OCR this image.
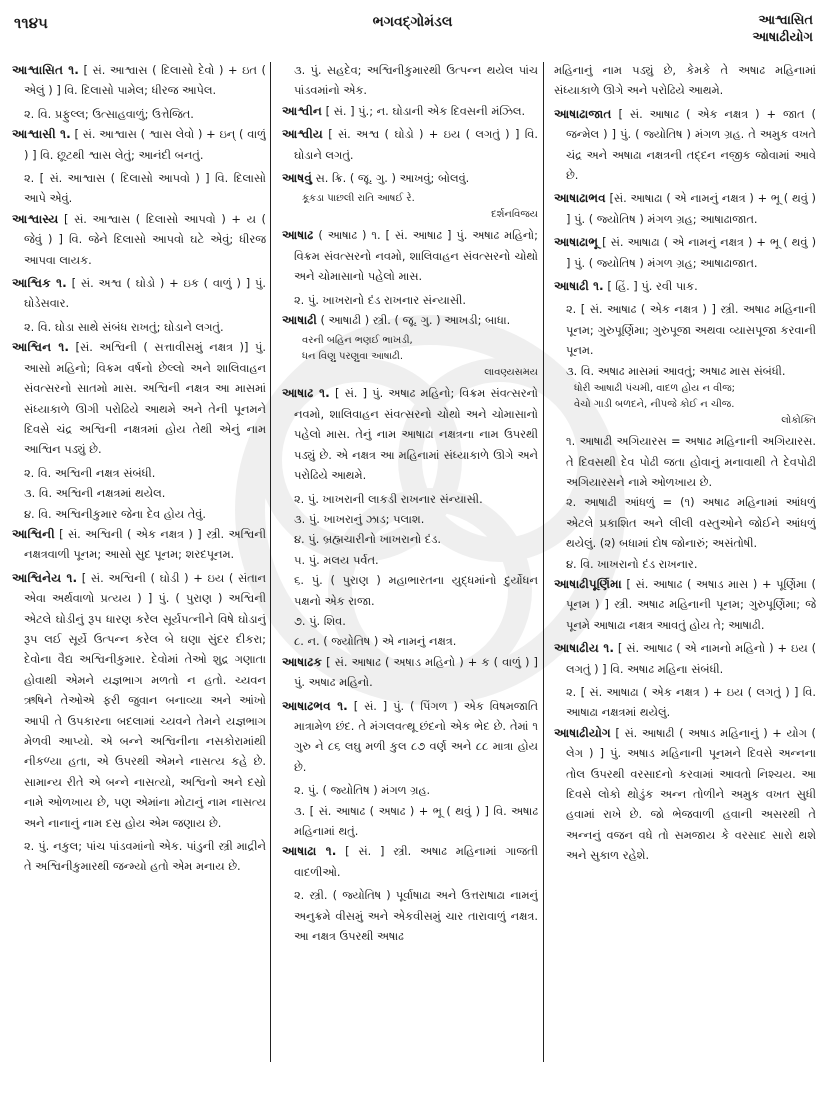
૧૧૪૫	ભગવદ્ગોમંડલ	આશ્વાસિત
આષાઢીયોગ

આશ્વાસિત ૧. [ સં. આશ્વાસ ( દિલાસો દેવો ) + ઇત ( એલું ) ] વિ. દિલાસો પામેલ; ધીરજ આપેલ.

૨. વિ. પ્રફુલ્લ; ઉત્સાહવાળું; ઉત્તેજિત.

આશ્વાસી ૧. [ સં. આશ્વાસ ( શ્વાસ લેવો ) + ઇન્ ( વાળું ) ] વિ. છૂટથી શ્વાસ લેતું; આનંદી બનતું.

૨. [ સં. આશ્વાસ ( દિલાસો આપવો ) ] વિ. દિલાસો આપે એવું.

આશ્વાસ્ય [ સં. આશ્વાસ ( દિલાસો આપવો ) + ય ( જેવું ) ] વિ. જેને દિલાસો આપવો ઘટે એવું; ધીરજ આપવા લાયક.

આશ્વિક ૧. [ સં. અશ્વ ( ઘોડો ) + ઇક ( વાળું ) ] પું. ઘોડેસવાર.

૨. વિ. ઘોડા સાથે સંબંધ રાખતું; ઘોડાને લગતું.

આશ્વિન ૧. [સં. અશ્વિની ( સત્તાવીસમું નક્ષત્ર )] પું. આસો મહિનો; વિક્રમ વર્ષનો છેલ્લો અને શાલિવાહન સંવત્સરનો સાતમો માસ. અશ્વિની નક્ષત્ર આ માસમાં સંધ્યાકાળે ઊગી પરોઢિયે આથમે અને તેની પૂનમને દિવસે ચંદ્ર અશ્વિની નક્ષત્રમાં હોય તેથી એનું નામ આશ્વિન પડ્યું છે.

૨. વિ. અશ્વિની નક્ષત્ર સંબંધી.

૩. વિ. અશ્વિની નક્ષત્રમાં થયેલ.

૪. વિ. અશ્વિનીકુમાર જેના દેવ હોય તેવું.

આશ્વિની [ સં. અશ્વિની ( એક નક્ષત્ર ) ] સ્ત્રી. અશ્વિની નક્ષત્રવાળી પૂનમ; આસો સુદ પૂનમ; શરદપૂનમ.

આશ્વિનેય ૧. [ સં. અશ્વિની ( ઘોડી ) + ઇય ( સંતાન એવા અર્થવાળો પ્રત્યય ) ] પું. ( પુરાણ ) અશ્વિની એટલે ઘોડીનું રૂપ ધારણ કરેલ સૂર્યપત્નીને વિષે ઘોડાનું રૂપ લઈ સૂર્યે ઉત્પન્ન કરેલ બે ઘણા સુંદર દીકરા; દેવોના વૈદ્ય અશ્વિનીકુમાર. દેવોમાં તેઓ શુદ્ર ગણાતા હોવાથી એમને યજ્ઞભાગ મળતો ન હતો. ચ્યવન ઋષિને તેઓએ ફરી જુવાન બનાવ્યા અને આંખો આપી તે ઉપકારના બદલામાં ચ્યવને તેમને યજ્ઞભાગ મેળવી આપ્યો. એ બન્ને અશ્વિનીના નસકોરામાંથી નીકળ્યા હતા, એ ઉપરથી એમને નાસત્ય કહે છે. સામાન્ય રીતે એ બન્ને નાસત્યો, અશ્વિનો અને દસ્રો નામે ઓળખાય છે, પણ એમાંના મોટાનું નામ નાસત્ય અને નાનાનું નામ દસ્ર હોય એમ જણાય છે.

૨. પું. નકુલ; પાંચ પાંડવમાંનો એક. પાંડુની સ્ત્રી માદ્રીને તે અશ્વિનીકુમારથી જન્મ્યો હતો એમ મનાય છે.

૩. પું. સહદેવ; અશ્વિનીકુમારથી ઉત્પન્ન થયેલ પાંચ પાંડવમાંનો એક.

આશ્વીન [ સં. ] પું.; ન. ઘોડાની એક દિવસની મંઝિલ.

આશ્વીય [ સં. અશ્વ ( ઘોડો ) + ઇય ( લગતું ) ] વિ. ઘોડાને લગતું.

આષવું સ. ક્રિ. ( જૂ. ગુ. ) આખવું; બોલવું.

કૂકડા પાછલી રાતિ આષઈ રે.

દર્શનવિજય

આષાઢ ( આષાઢ ) ૧. [ સં. આષાઢ ] પું. અષાઢ મહિનો; વિક્રમ સંવત્સરનો નવમો, શાલિવાહન સંવત્સરનો ચોથો અને ચોમાસાનો પહેલો માસ.

૨. પું. ખાખરાનો દંડ રાખનાર સંન્યાસી.

આષાઢી ( આષાઢી ) સ્ત્રી. ( જૂ. ગુ. ) આખડી; બાધા.

વરની બહિન ભણઈ ભાખડી,

ધન વિણુ પરણુવા આષાઢી.

લાવણ્યસમય

આષાઢ ૧. [ સં. ] પું. અષાઢ મહિનો; વિક્રમ સંવત્સરનો નવમો, શાલિવાહન સંવત્સરનો ચોથો અને ચોમાસાનો પહેલો માસ. તેનું નામ આષાઢા નક્ષત્રના નામ ઉપરથી પડ્યું છે. એ નક્ષત્ર આ મહિનામાં સંધ્યાકાળે ઊગે અને પરોઢિયે આથમે.

૨. પું. ખાખરાની લાકડી રાખનાર સંન્યાસી.

૩. પું. ખાખરાનું ઝાડ; પલાશ.

૪. પું. બ્રહ્મચારીનો ખાખરાનો દંડ.

૫. પું. મલય પર્વત.

૬. પું. ( પુરાણ ) મહાભારતના યુદ્ધમાંનો દુર્યોધન પક્ષનો એક રાજા.

૭. પું. શિવ.

૮. ન. ( જ્યોતિષ ) એ નામનું નક્ષત્ર.

આષાઢક [ સં. આષાઢ ( અષાડ મહિનો ) + ક ( વાળું ) ] પું. અષાઢ મહિનો.

આષાઢભવ ૧. [ સં. ] પું. ( પિંગળ ) એક વિષમજાતિ માત્રામેળ છંદ. તે મંગલવત્થૂ છંદનો એક ભેદ છે. તેમાં ૧ ગુરુ ને ૮૬ લઘુ મળી કુલ ૮૭ વર્ણ અને ૮૮ માત્રા હોય છે.

૨. પું. ( જ્યોતિષ ) મંગળ ગ્રહ.

૩. [ સં. આષાઢ ( અષાઢ ) + ભૂ ( થવું ) ] વિ. અષાઢ મહિનામાં થતું.

આષાઢા ૧. [ સં. ] સ્ત્રી. અષાઢ મહિનામાં ગાજતી વાદળીઓ.

૨. સ્ત્રી. ( જ્યોતિષ ) પૂર્વાષાઢા અને ઉત્તરાષાઢા નામનું અનુક્રમે વીસમું અને એકવીસમું ચાર તારાવાળું નક્ષત્ર. આ નક્ષત્ર ઉપરથી અષાઢ

મહિનાનું નામ પડ્યું છે, કેમકે તે અષાઢ મહિનામાં સંધ્યાકાળે ઊગે અને પરોઢિયે આથમે.

આષાઢાજાત [ સં. આષાઢ ( એક નક્ષત્ર ) + જાત ( જન્મેલ ) ] પું. ( જ્યોતિષ ) મંગળ ગ્રહ. તે અમુક વખતે ચંદ્ર અને અષાઢા નક્ષત્રની તદ્દન નજીક જોવામાં આવે છે.

આષાઢાભવ [સં. આષાઢા ( એ નામનું નક્ષત્ર ) + ભૂ ( થવું ) ] પું. ( જ્યોતિષ ) મંગળ ગ્રહ; આષાઢાજાત.

આષાઢાભૂ [ સં. આષાઢા ( એ નામનું નક્ષત્ર ) + ભૂ ( થવું ) ] પું. ( જ્યોતિષ ) મંગળ ગ્રહ; આષાઢાજાત.

આષાઢી ૧. [ હિં. ] પું. રવી પાક.

૨. [ સં. આષાઢ ( એક નક્ષત્ર ) ] સ્ત્રી. અષાઢ મહિનાની પૂનમ; ગુરુપૂર્ણિમા; ગુરુપૂજા અથવા વ્યાસપૂજા કરવાની પૂનમ.

૩. વિ. અષાઢ માસમાં આવતું; અષાઢ માસ સંબંધી.

ધોરી આષાઢી પંચમી, વાદળ હોય ન વીજ;

વેચો ગાડી બળદને, નીપજે કોઈ ન ચીજ.

લોકોક્તિ

૧. આષાઢી અગિયારસ = અષાઢ મહિનાની અગિયારસ. તે દિવસથી દેવ પોઢી જતા હોવાનું મનાવાથી તે દેવપોઢી અગિયારસને નામે ઓળખાય છે.

૨. આષાઢી આંધળું = (૧) અષાઢ મહિનામાં આંધળું એટલે પ્રકાશિત અને લીલી વસ્તુઓને જોઈને આંધળું થયેલું. (૨) બધામાં દોષ જોનારું; અસંતોષી.

૪. વિ. ખાખરાનો દંડ રાખનાર.

આષાઢીપૂર્ણિમા [ સં. આષાઢ ( અષાડ માસ ) + પૂર્ણિમા ( પૂનમ ) ] સ્ત્રી. અષાઢ મહિનાની પૂનમ; ગુરુપૂર્ણિમા; જે પૂનમે આષાઢા નક્ષત્ર આવતું હોય તે; આષાઢી.

આષાઢીય ૧. [ સં. આષાઢ ( એ નામનો મહિનો ) + ઇય ( લગતું ) ] વિ. અષાઢ મહિના સંબંધી.

૨. [ સં. આષાઢા ( એક નક્ષત્ર ) + ઇય ( લગતું ) ] વિ. આષાઢા નક્ષત્રમાં થયેલું.

આષાઢીયોગ [ સં. આષાઢી ( અષાડ મહિનાનું ) + યોગ ( લેગ ) ] પું. અષાડ મહિનાની પૂનમને દિવસે અન્નના તોલ ઉપરથી વરસાદનો કરવામાં આવતો નિશ્ચય. આ દિવસે લોકો થોડુંક અન્ન તોળીને અમુક વખત સુધી હવામાં રાખે છે. જો ભેજવાળી હવાની અસરથી તે અન્નનું વજન વધે તો સમજાય કે વરસાદ સારો થશે અને સુકાળ રહેશે.
